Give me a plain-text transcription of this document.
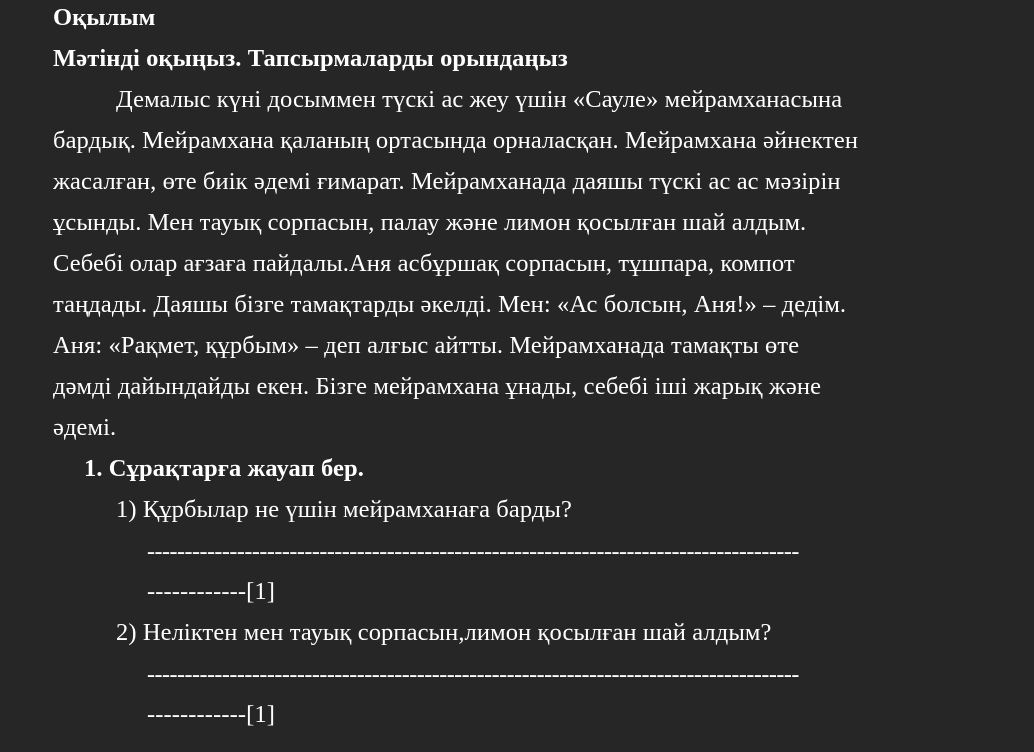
Оқылым
Мәтінді оқыңыз. Тапсырмаларды орындаңыз
Демалыс күні досыммен түскі ас жеу үшін «Сауле» мейрамханасына
бардық. Мейрамхана қаланың ортасында орналасқан. Мейрамхана әйнектен
жасалған, өте биік әдемі ғимарат. Мейрамханада даяшы түскі ас ас мәзірін
ұсынды. Мен тауық сорпасын, палау және лимон қосылған шай алдым.
Себебі олар ағзаға пайдалы.Аня асбұршақ сорпасын, тұшпара, компот
таңдады. Даяшы бізге тамақтарды әкелді. Мен: «Ас болсын, Аня!» – дедім.
Аня: «Рақмет, құрбым» – деп алғыс айтты. Мейрамханада тамақты өте
дәмді дайындайды екен. Бізге мейрамхана ұнады, себебі іші жарық және
әдемі.
1. Сұрақтарға жауап бер.
1) Құрбылар не үшін мейрамханаға барды?
---------------------------------------------------------------------------------------
------------[1]
2) Неліктен мен тауық сорпасын,лимон қосылған шай алдым?
---------------------------------------------------------------------------------------
------------[1]
